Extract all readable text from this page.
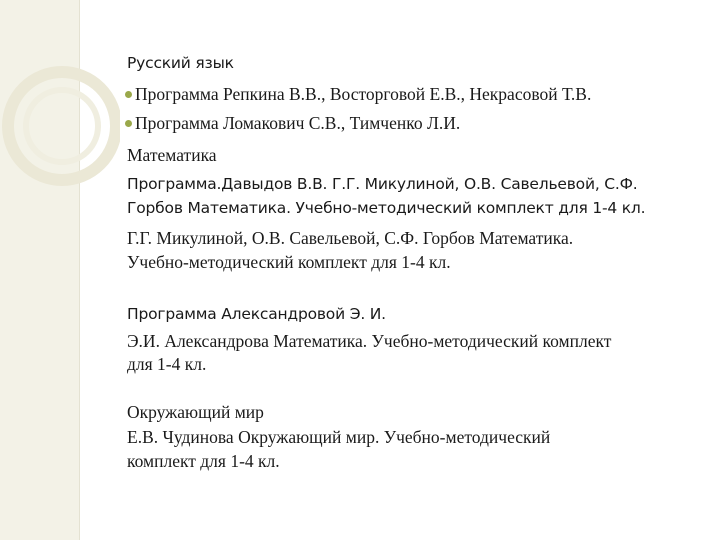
Русский язык
Программа Репкина В.В., Восторговой Е.В., Некрасовой Т.В.
Программа Ломакович С.В., Тимченко Л.И.
Математика
Программа.Давыдов В.В. Г.Г. Микулиной, О.В. Савельевой, С.Ф.
Горбов Математика. Учебно-методический комплект для 1-4 кл.
Г.Г. Микулиной, О.В. Савельевой, С.Ф. Горбов Математика.
Учебно-методический комплект для 1-4 кл.
Программа Александровой Э. И.
Э.И. Александрова Математика. Учебно-методический комплект
для 1-4 кл.
Окружающий мир
Е.В. Чудинова Окружающий мир. Учебно-методический
комплект для 1-4 кл.
